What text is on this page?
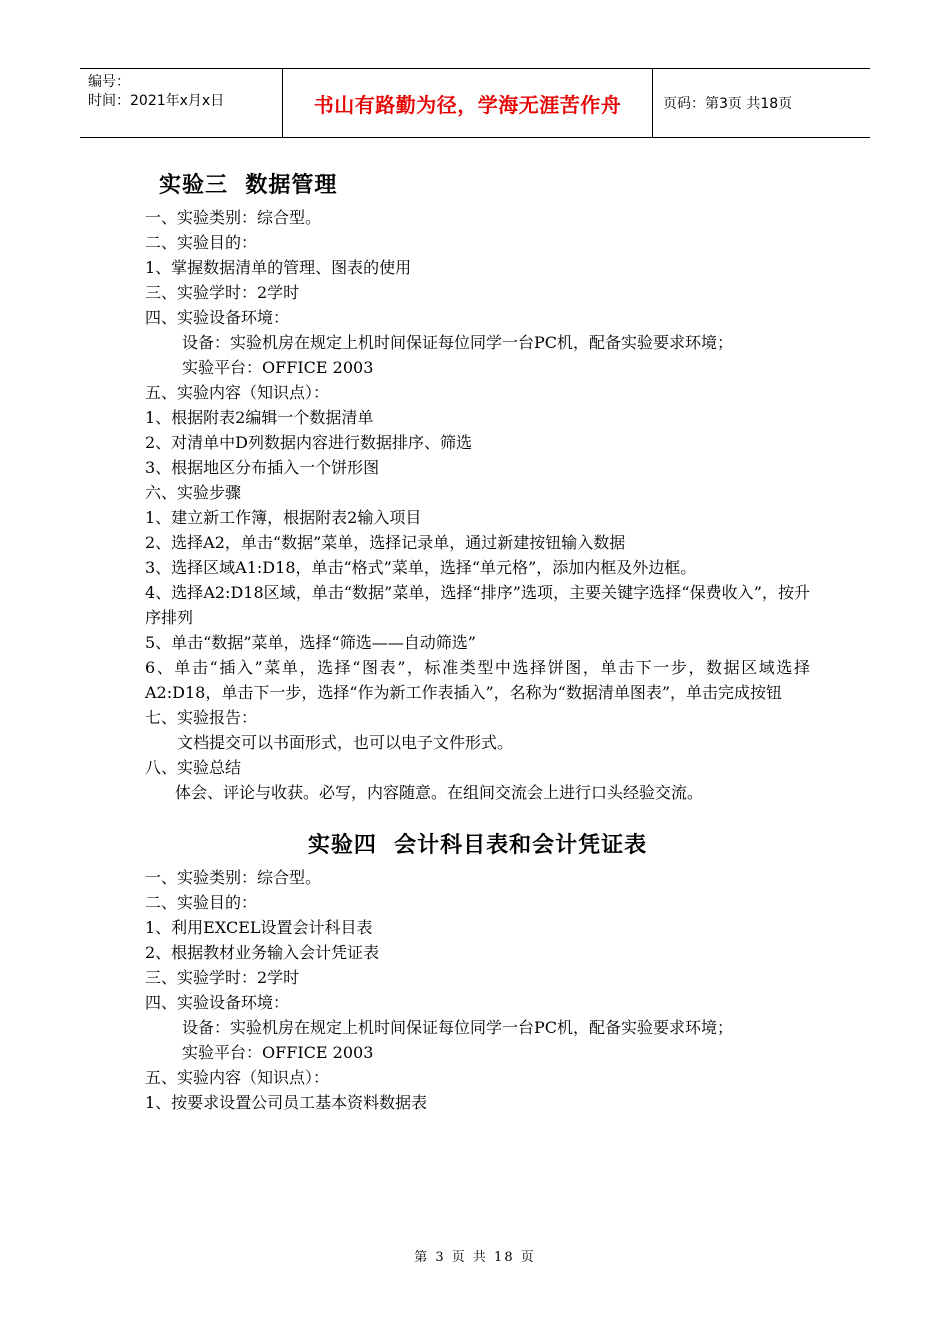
编号：
时间：2021年x月x日	书山有路勤为径，学海无涯苦作舟	页码：第3页 共18页
实验三  数据管理

一、实验类别：综合型。

二、实验目的：

1、掌握数据清单的管理、图表的使用

三、实验学时：2学时

四、实验设备环境：

设备：实验机房在规定上机时间保证每位同学一台PC机，配备实验要求环境；

实验平台：OFFICE 2003

五、实验内容（知识点）：

1、根据附表2编辑一个数据清单

2、对清单中D列数据内容进行数据排序、筛选

3、根据地区分布插入一个饼形图

六、实验步骤

1、建立新工作簿，根据附表2输入项目

2、选择A2，单击“数据”菜单，选择记录单，通过新建按钮输入数据

3、选择区域A1:D18，单击“格式”菜单，选择“单元格”，添加内框及外边框。

4、选择A2:D18区域，单击“数据”菜单，选择“排序”选项，主要关键字选择“保费收入”，按升序排列

5、单击“数据”菜单，选择“筛选——自动筛选”

6、单击“插入”菜单，选择“图表”，标准类型中选择饼图，单击下一步，数据区域选择A2:D18，单击下一步，选择“作为新工作表插入”，名称为“数据清单图表”，单击完成按钮

七、实验报告：

文档提交可以书面形式，也可以电子文件形式。

八、实验总结

体会、评论与收获。必写，内容随意。在组间交流会上进行口头经验交流。

实验四  会计科目表和会计凭证表

一、实验类别：综合型。

二、实验目的：

1、利用EXCEL设置会计科目表

2、根据教材业务输入会计凭证表

三、实验学时：2学时

四、实验设备环境：

设备：实验机房在规定上机时间保证每位同学一台PC机，配备实验要求环境；

实验平台：OFFICE 2003

五、实验内容（知识点）：

1、按要求设置公司员工基本资料数据表

第 3 页 共 18 页
